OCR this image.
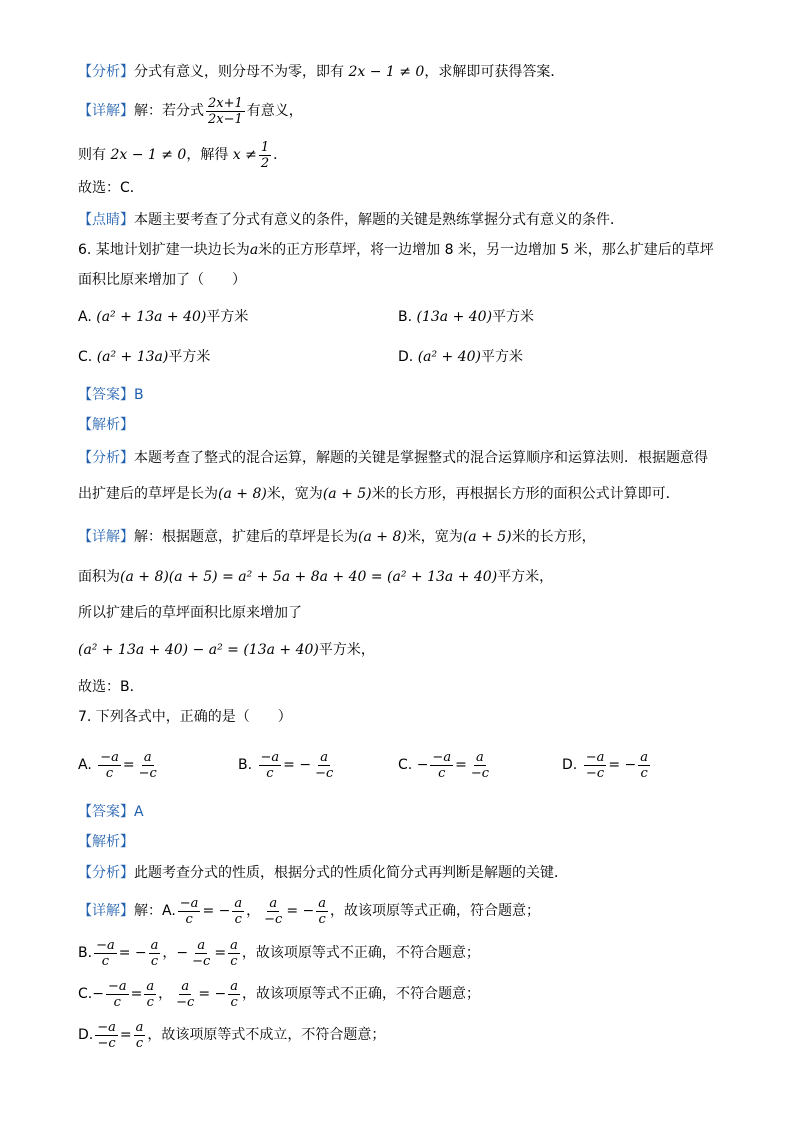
【分析】分式有意义，则分母不为零，即有 2x − 1 ≠ 0，求解即可获得答案．
【详解】解：若分式 $\frac{2x+1}{2x-1}$ 有意义，
则有 2x − 1 ≠ 0，解得 $x \ne \frac{1}{2}$ ．
故选：C．
【点睛】本题主要考查了分式有意义的条件，解题的关键是熟练掌握分式有意义的条件．
6. 某地计划扩建一块边长为a米的正方形草坪，将一边增加 8 米，另一边增加 5 米，那么扩建后的草坪
面积比原来增加了（　　）
A. (a² + 13a + 40)平方米	B. (13a + 40)平方米
C. (a² + 13a)平方米	D. (a² + 40)平方米
【答案】B
【解析】
【分析】本题考查了整式的混合运算，解题的关键是掌握整式的混合运算顺序和运算法则．根据题意得
出扩建后的草坪是长为(a + 8)米，宽为(a + 5)米的长方形，再根据长方形的面积公式计算即可．
【详解】解：根据题意，扩建后的草坪是长为(a + 8)米，宽为(a + 5)米的长方形，
面积为(a + 8)(a + 5) = a² + 5a + 8a + 40 = (a² + 13a + 40)平方米，
所以扩建后的草坪面积比原来增加了
(a² + 13a + 40) − a² = (13a + 40)平方米，
故选：B．
7. 下列各式中，正确的是（　　）
A. $\frac{-a}{c} = \frac{a}{-c}$	B. $\frac{-a}{c}$ = − $\frac{a}{-c}$	C. − $\frac{-a}{c} = \frac{a}{-c}$	D. $\frac{-a}{-c}$ = − $\frac{a}{c}$
【答案】A
【解析】
【分析】此题考查分式的性质，根据分式的性质化简分式再判断是解题的关键．
【详解】解：A. $\frac{-a}{c}$ = − $\frac{a}{c}$ ， $\frac{a}{-c}$ = − $\frac{a}{c}$ ，故该项原等式正确，符合题意；
B. $\frac{-a}{c}$ = − $\frac{a}{c}$ ，− $\frac{a}{-c} = \frac{a}{c}$ ，故该项原等式不正确，不符合题意；
$C.- \frac{-a}{c} = \frac{a}{c}$ ， $\frac{a}{-c}$ = − $\frac{a}{c}$ ，故该项原等式不正确，不符合题意；
D. $\frac{-a}{-c} = \frac{a}{c}$ ，故该项原等式不成立，不符合题意；
